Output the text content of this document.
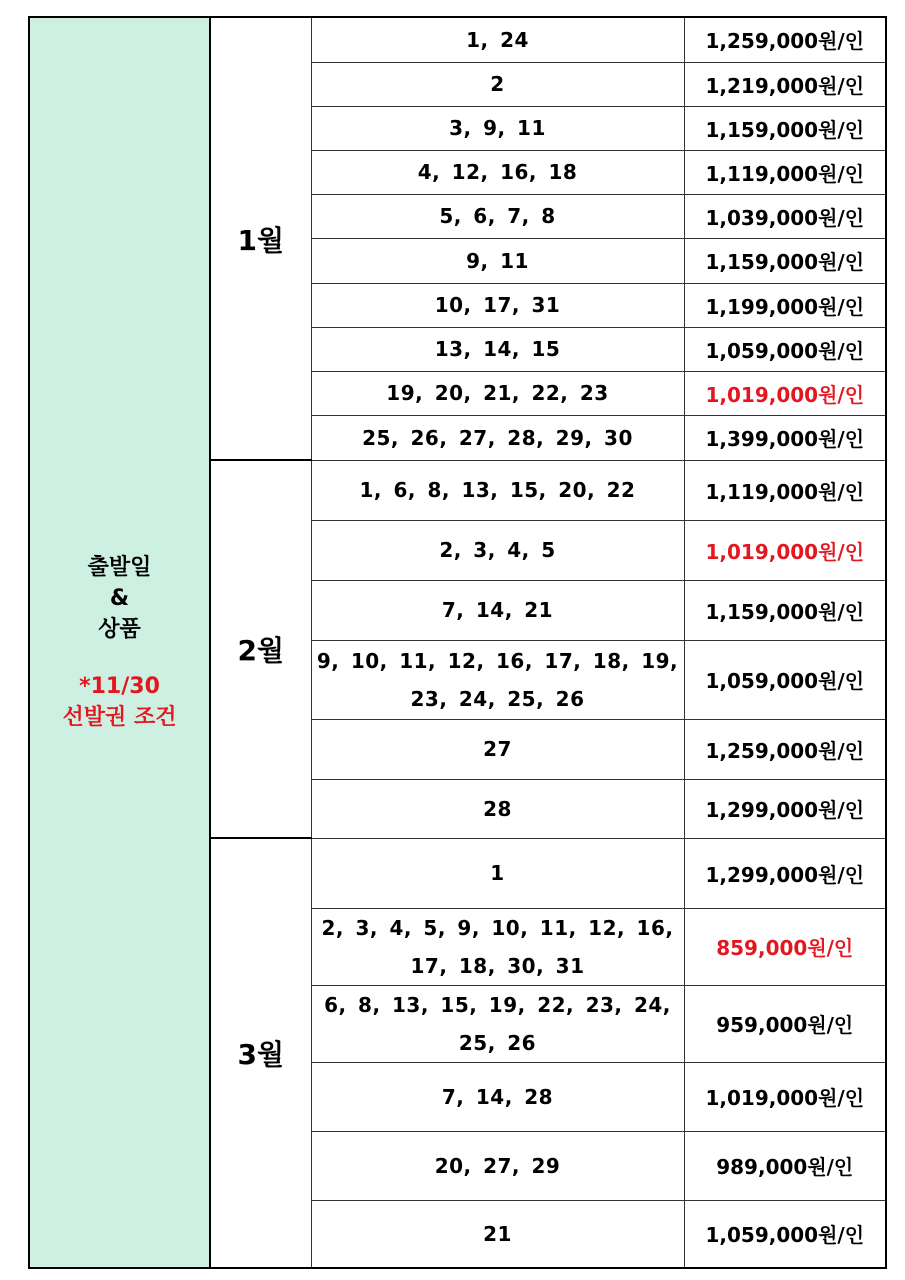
출발일
&
상품
*11/30
선발권 조건	1월	1, 24	1,259,000원/인
		2	1,219,000원/인
		3, 9, 11	1,159,000원/인
		4, 12, 16, 18	1,119,000원/인
		5, 6, 7, 8	1,039,000원/인
		9, 11	1,159,000원/인
		10, 17, 31	1,199,000원/인
		13, 14, 15	1,059,000원/인
		19, 20, 21, 22, 23	1,019,000원/인
		25, 26, 27, 28, 29, 30	1,399,000원/인
	2월	1, 6, 8, 13, 15, 20, 22	1,119,000원/인
		2, 3, 4, 5	1,019,000원/인
		7, 14, 21	1,159,000원/인
		9, 10, 11, 12, 16, 17, 18, 19, 23, 24, 25, 26	1,059,000원/인
		27	1,259,000원/인
		28	1,299,000원/인
	3월	1	1,299,000원/인
		2, 3, 4, 5, 9, 10, 11, 12, 16, 17, 18, 30, 31	859,000원/인
		6, 8, 13, 15, 19, 22, 23, 24, 25, 26	959,000원/인
		7, 14, 28	1,019,000원/인
		20, 27, 29	989,000원/인
		21	1,059,000원/인
